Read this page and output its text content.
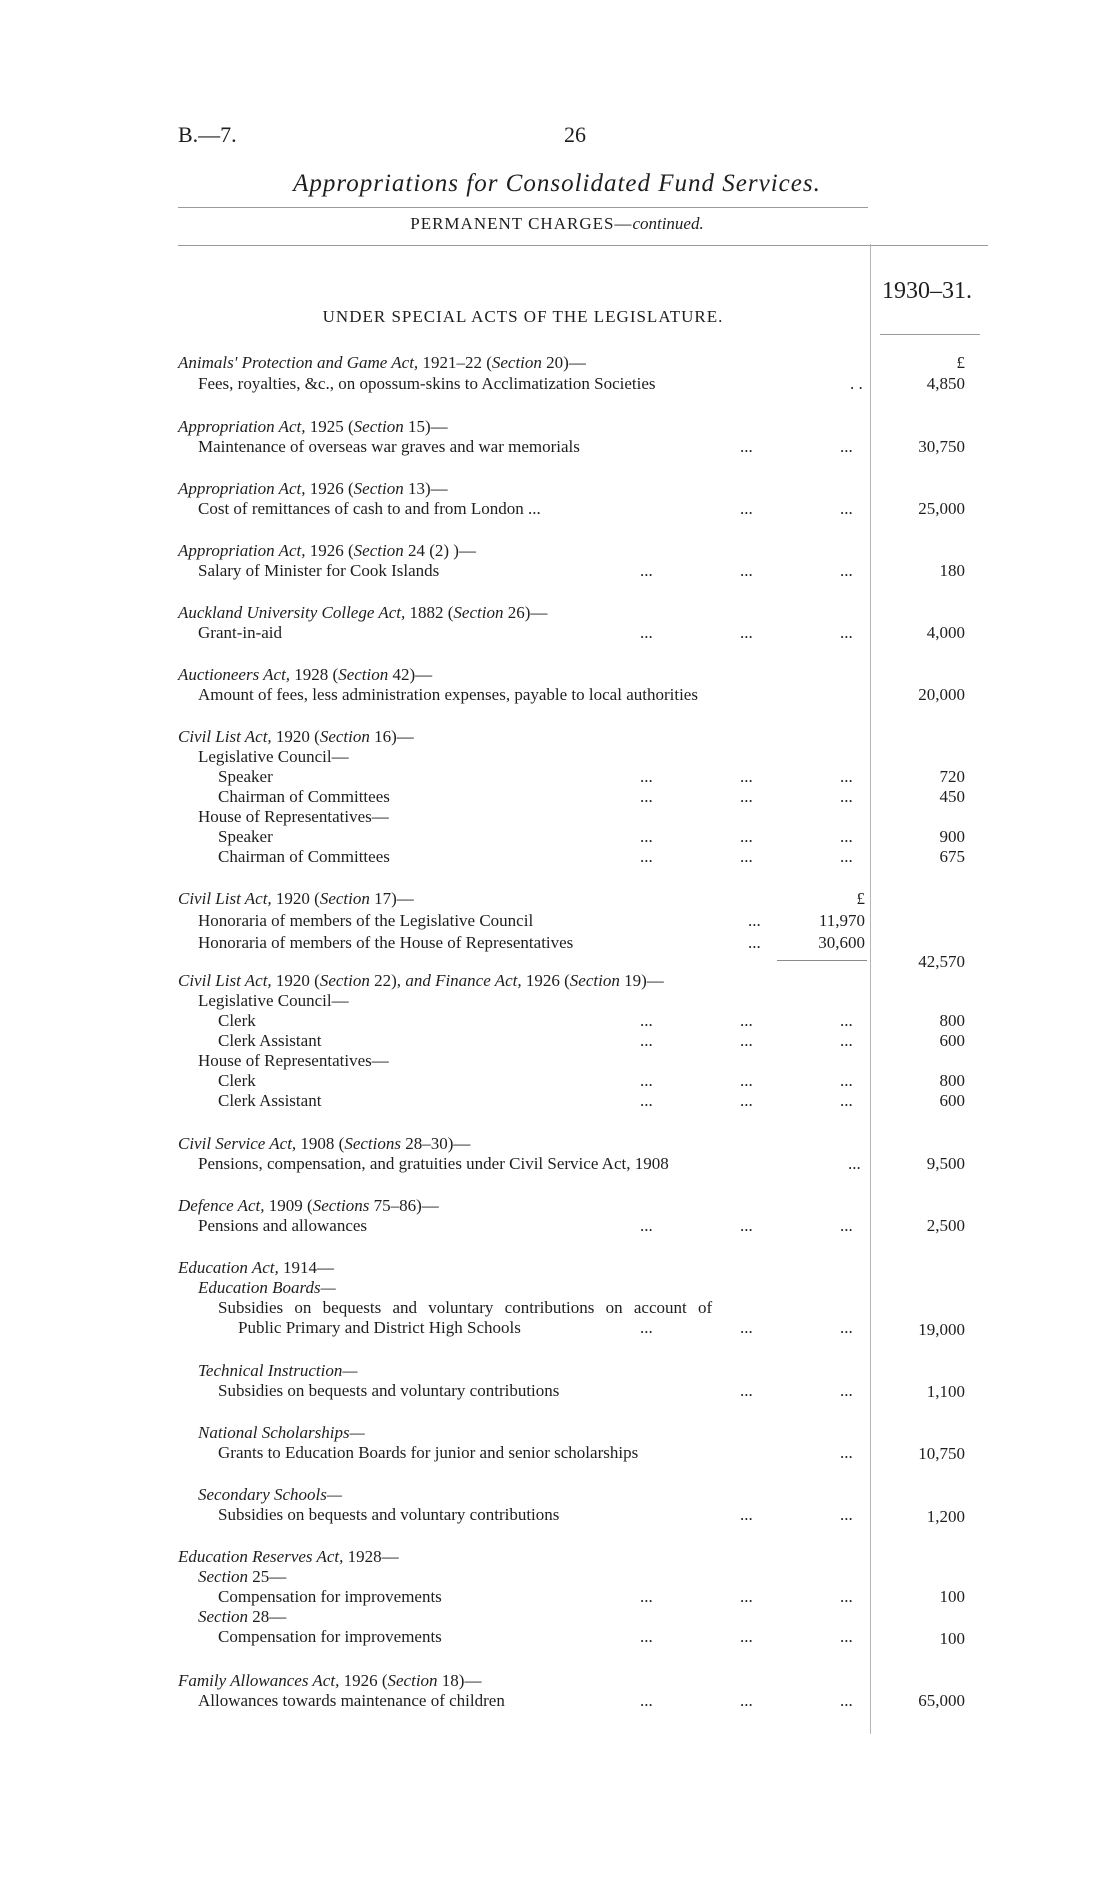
B.—7.	26
Appropriations for Consolidated Fund Services.
PERMANENT CHARGES—continued.
1930–31.
UNDER SPECIAL ACTS OF THE LEGISLATURE.
Animals' Protection and Game Act, 1921–22 (Section 20)—	£
Fees, royalties, &c., on opossum-skins to Acclimatization Societies	. .	4,850
Appropriation Act, 1925 (Section 15)—
Maintenance of overseas war graves and war memorials	...	...	30,750
Appropriation Act, 1926 (Section 13)—
Cost of remittances of cash to and from London ...	...	...	25,000
Appropriation Act, 1926 (Section 24 (2) )—
Salary of Minister for Cook Islands	...	...	...	180
Auckland University College Act, 1882 (Section 26)—
Grant-in-aid	...	...	...	4,000
Auctioneers Act, 1928 (Section 42)—
Amount of fees, less administration expenses, payable to local authorities	20,000
Civil List Act, 1920 (Section 16)—
Legislative Council—
Speaker	...	...	...	720
Chairman of Committees	...	...	...	450
House of Representatives—
Speaker	...	...	...	900
Chairman of Committees	...	...	...	675
Civil List Act, 1920 (Section 17)—	£
Honoraria of members of the Legislative Council	...	11,970
Honoraria of members of the House of Representatives	...	30,600
42,570
Civil List Act, 1920 (Section 22), and Finance Act, 1926 (Section 19)—
Legislative Council—
Clerk	...	...	...	800
Clerk Assistant	...	...	...	600
House of Representatives—
Clerk	...	...	...	800
Clerk Assistant	...	...	...	600
Civil Service Act, 1908 (Sections 28–30)—
Pensions, compensation, and gratuities under Civil Service Act, 1908	...	9,500
Defence Act, 1909 (Sections 75–86)—
Pensions and allowances	...	...	...	2,500
Education Act, 1914—
Education Boards—
Subsidies on bequests and voluntary contributions on account of
Public Primary and District High Schools	...	...	...	19,000
Technical Instruction—
Subsidies on bequests and voluntary contributions	...	...	1,100
National Scholarships—
Grants to Education Boards for junior and senior scholarships	...	10,750
Secondary Schools—
Subsidies on bequests and voluntary contributions	...	...	1,200
Education Reserves Act, 1928—
Section 25—
Compensation for improvements	...	...	...	100
Section 28—
Compensation for improvements	...	...	...	100
Family Allowances Act, 1926 (Section 18)—
Allowances towards maintenance of children	...	...	...	65,000
